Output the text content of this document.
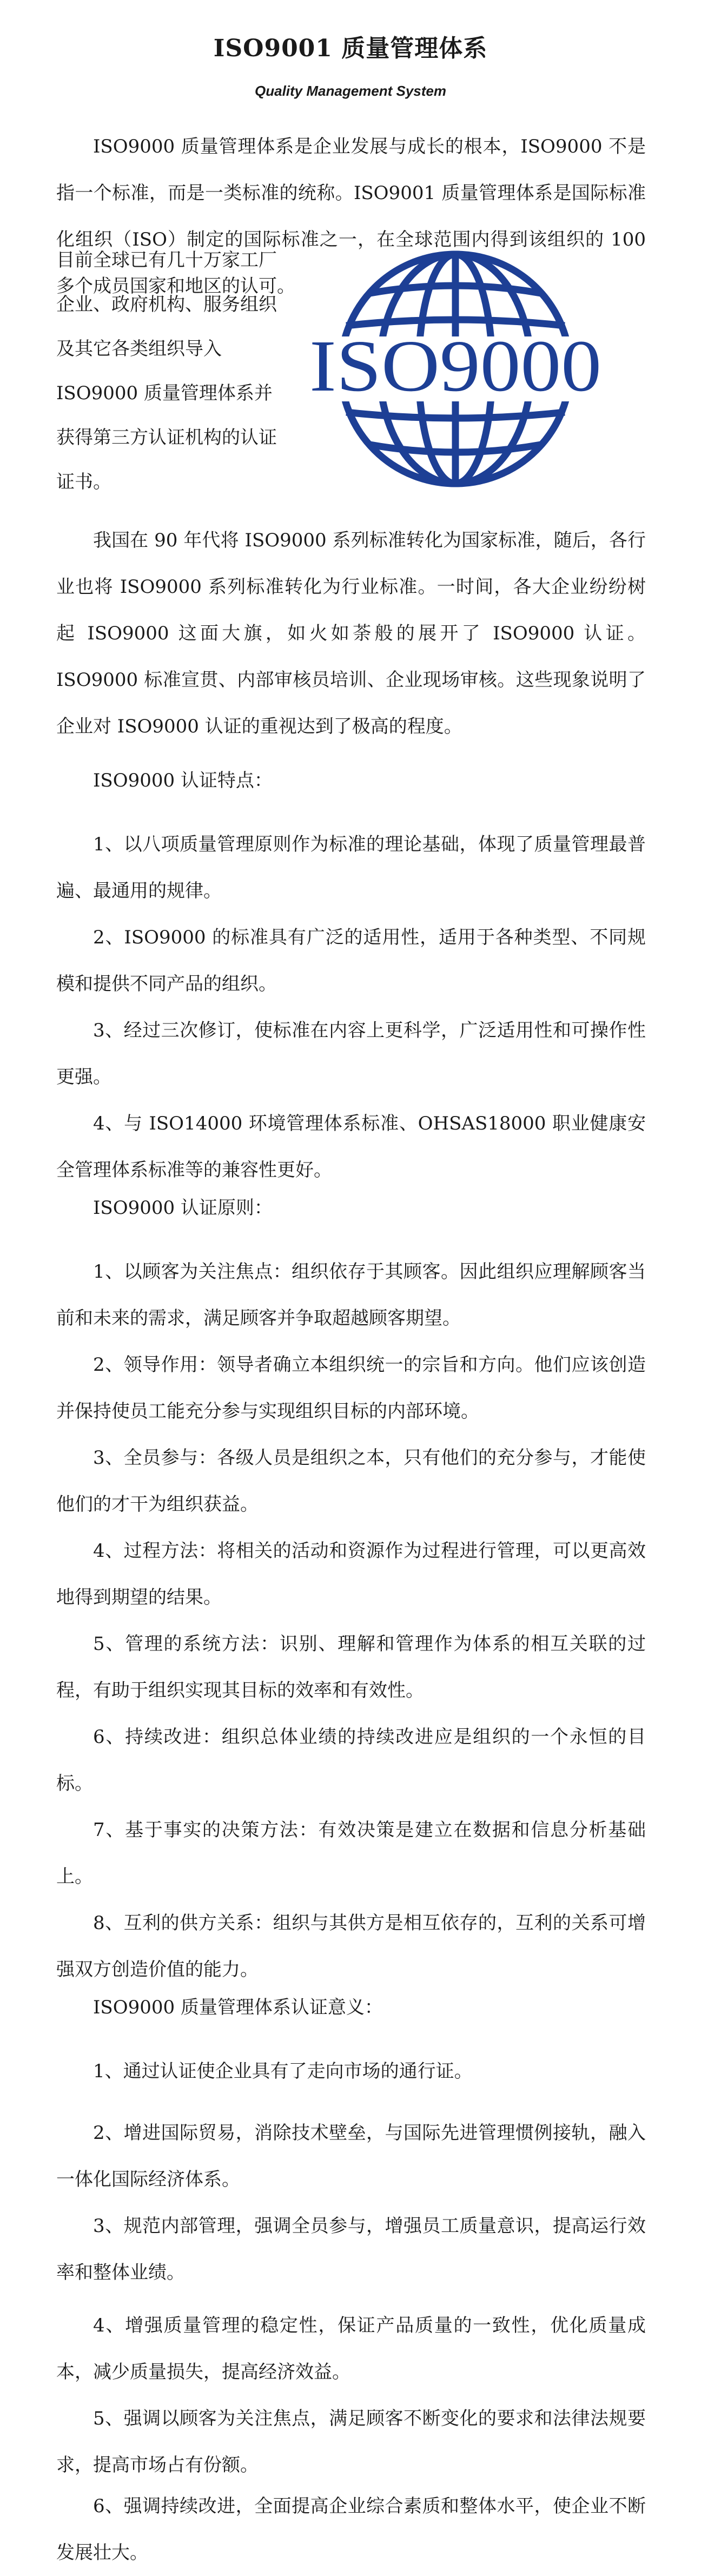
ISO9001 质量管理体系
Quality Management System

ISO9000 质量管理体系是企业发展与成长的根本，ISO9000 不是指一个标准，而是一类标准的统称。ISO9001 质量管理体系是国际标准化组织（ISO）制定的国际标准之一，在全球范围内得到该组织的 100 多个成员国家和地区的认可。

目前全球已有几十万家工厂企业、政府机构、服务组织及其它各类组织导入ISO9000 质量管理体系并获得第三方认证机构的认证证书。

ISO9000

我国在 90 年代将 ISO9000 系列标准转化为国家标准，随后，各行业也将 ISO9000 系列标准转化为行业标准。一时间，各大企业纷纷树起 ISO9000 这面大旗，如火如荼般的展开了 ISO9000 认证。ISO9000 标准宣贯、内部审核员培训、企业现场审核。这些现象说明了企业对 ISO9000 认证的重视达到了极高的程度。

ISO9000 认证特点：

1、以八项质量管理原则作为标准的理论基础，体现了质量管理最普遍、最通用的规律。

2、ISO9000 的标准具有广泛的适用性，适用于各种类型、不同规模和提供不同产品的组织。

3、经过三次修订，使标准在内容上更科学，广泛适用性和可操作性更强。

4、与 ISO14000 环境管理体系标准、OHSAS18000 职业健康安全管理体系标准等的兼容性更好。

ISO9000 认证原则：

1、以顾客为关注焦点：组织依存于其顾客。因此组织应理解顾客当前和未来的需求，满足顾客并争取超越顾客期望。

2、领导作用：领导者确立本组织统一的宗旨和方向。他们应该创造并保持使员工能充分参与实现组织目标的内部环境。

3、全员参与：各级人员是组织之本，只有他们的充分参与，才能使他们的才干为组织获益。

4、过程方法：将相关的活动和资源作为过程进行管理，可以更高效地得到期望的结果。

5、管理的系统方法：识别、理解和管理作为体系的相互关联的过程，有助于组织实现其目标的效率和有效性。

6、持续改进：组织总体业绩的持续改进应是组织的一个永恒的目标。

7、基于事实的决策方法：有效决策是建立在数据和信息分析基础上。

8、互利的供方关系：组织与其供方是相互依存的，互利的关系可增强双方创造价值的能力。

ISO9000 质量管理体系认证意义：

1、通过认证使企业具有了走向市场的通行证。

2、增进国际贸易，消除技术壁垒，与国际先进管理惯例接轨，融入一体化国际经济体系。

3、规范内部管理，强调全员参与，增强员工质量意识，提高运行效率和整体业绩。

4、增强质量管理的稳定性，保证产品质量的一致性，优化质量成本，减少质量损失，提高经济效益。

5、强调以顾客为关注焦点，满足顾客不断变化的要求和法律法规要求，提高市场占有份额。

6、强调持续改进，全面提高企业综合素质和整体水平，使企业不断发展壮大。
